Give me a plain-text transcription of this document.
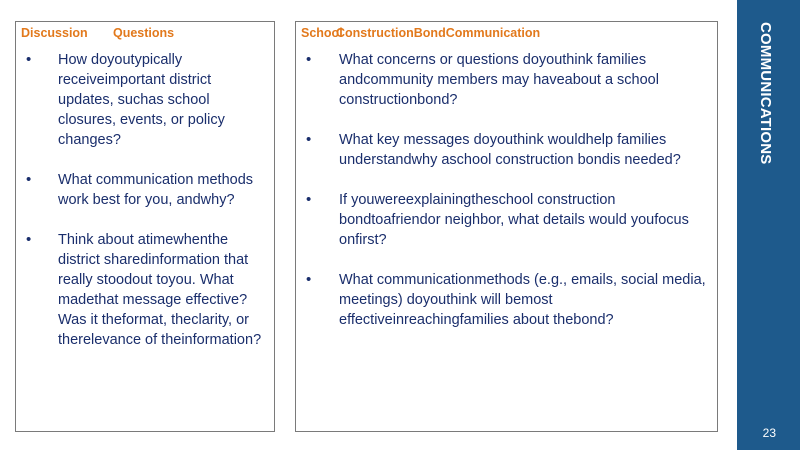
Discussion Questions
• How doyoutypically receiveimportant district updates, suchas school closures, events, or policy changes?
• What communication methods work best for you, andwhy?
• Think about atimewhenthe district sharedinformation that really stoodout toyou. What madethat message effective?Was it theformat, theclarity, or therelevance of theinformation?
SchoolConstructionBondCommunication
• What concerns or questions doyouthink families andcommunity members may haveabout a school constructionbond?
• What key messages doyouthink wouldhelp families understandwhy aschool construction bondis needed?
• If youwereexplainingtheschool construction bondtoafriendor neighbor, what details would youfocus onfirst?
• What communicationmethods (e.g., emails, social media, meetings) doyouthink will bemost effectiveinreachingfamilies about thebond?
COMMUNICATIONS
23
